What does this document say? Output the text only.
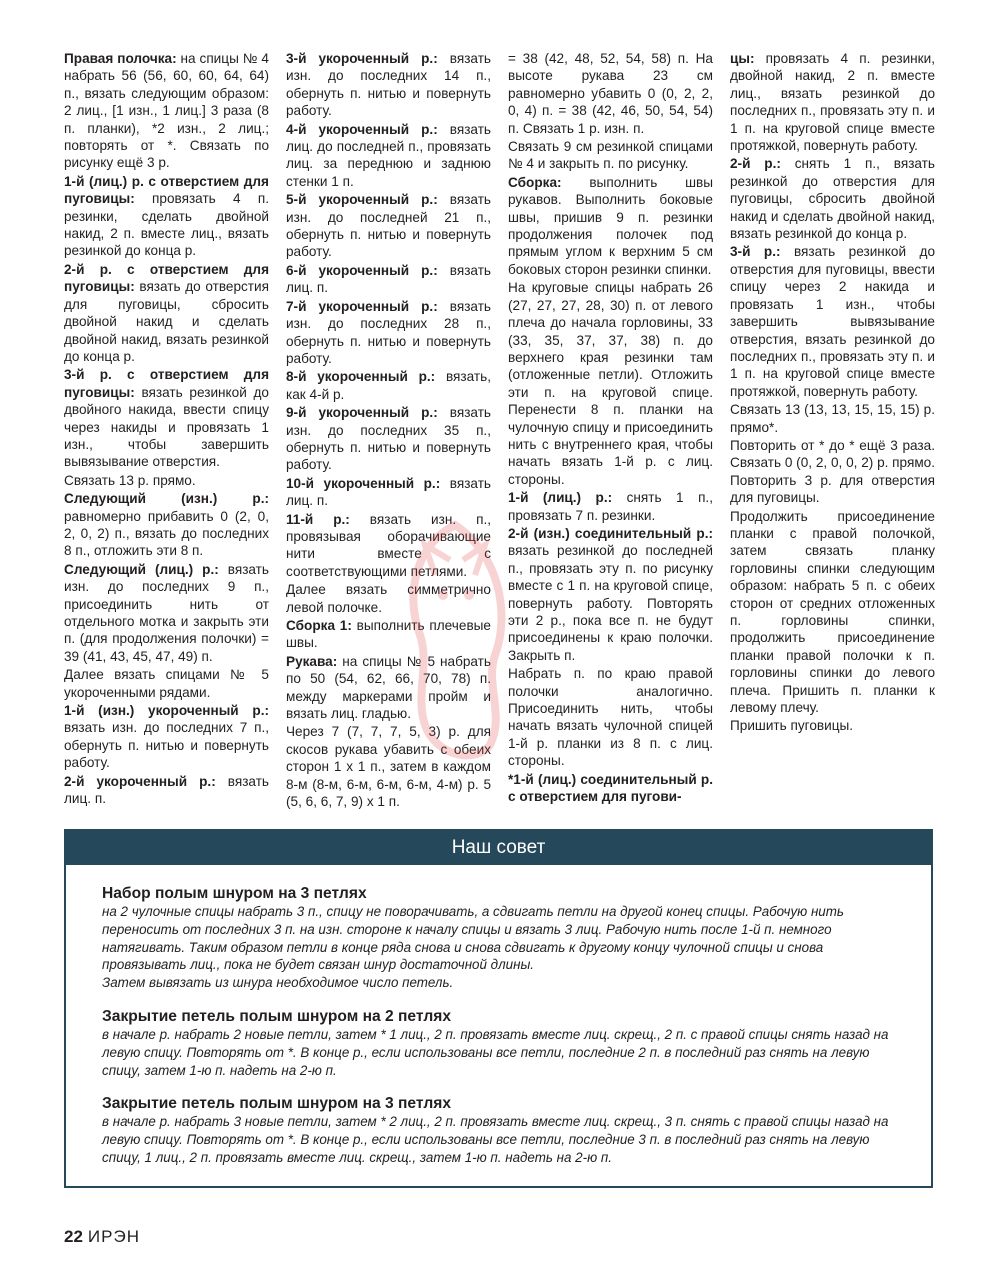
Правая полочка: на спицы № 4 набрать 56 (56, 60, 60, 64, 64) п., вязать следующим образом: 2 лиц., [1 изн., 1 лиц.] 3 раза (8 п. планки), *2 изн., 2 лиц.; повторять от *. Связать по рисунку ещё 3 р.

1-й (лиц.) р. с отверстием для пуговицы: провязать 4 п. резинки, сделать двойной накид, 2 п. вместе лиц., вязать резинкой до конца р.

2-й р. с отверстием для пуговицы: вязать до отверстия для пуговицы, сбросить двойной накид и сделать двойной накид, вязать резинкой до конца р.

3-й р. с отверстием для пуговицы: вязать резинкой до двойного накида, ввести спицу через накиды и провязать 1 изн., чтобы завершить вывязывание отверстия.

Связать 13 р. прямо.

Следующий (изн.) р.: равномерно прибавить 0 (2, 0, 2, 0, 2) п., вязать до последних 8 п., отложить эти 8 п.

Следующий (лиц.) р.: вязать изн. до последних 9 п., присоединить нить от отдельного мотка и закрыть эти п. (для продолжения полочки) = 39 (41, 43, 45, 47, 49) п.

Далее вязать спицами № 5 укороченными рядами.

1-й (изн.) укороченный р.: вязать изн. до последних 7 п., обернуть п. нитью и повернуть работу.

2-й укороченный р.: вязать лиц. п.

3-й укороченный р.: вязать изн. до последних 14 п., обернуть п. нитью и повернуть работу.

4-й укороченный р.: вязать лиц. до последней п., провязать лиц. за переднюю и заднюю стенки 1 п.

5-й укороченный р.: вязать изн. до последней 21 п., обернуть п. нитью и повернуть работу.

6-й укороченный р.: вязать лиц. п.

7-й укороченный р.: вязать изн. до последних 28 п., обернуть п. нитью и повернуть работу.

8-й укороченный р.: вязать, как 4-й р.

9-й укороченный р.: вязать изн. до последних 35 п., обернуть п. нитью и повернуть работу.

10-й укороченный р.: вязать лиц. п.

11-й р.: вязать изн. п., провязывая оборачивающие нити вместе с соответствующими петлями.

Далее вязать симметрично левой полочке.

Сборка 1: выполнить плечевые швы.

Рукава: на спицы № 5 набрать по 50 (54, 62, 66, 70, 78) п. между маркерами пройм и вязать лиц. гладью.

Через 7 (7, 7, 7, 5, 3) р. для скосов рукава убавить с обеих сторон 1 х 1 п., затем в каждом 8-м (8-м, 6-м, 6-м, 6-м, 4-м) р. 5 (5, 6, 6, 7, 9) х 1 п.

= 38 (42, 48, 52, 54, 58) п. На высоте рукава 23 см равномерно убавить 0 (0, 2, 2, 0, 4) п. = 38 (42, 46, 50, 54, 54) п. Связать 1 р. изн. п.

Связать 9 см резинкой спицами № 4 и закрыть п. по рисунку.

Сборка: выполнить швы рукавов. Выполнить боковые швы, пришив 9 п. резинки продолжения полочек под прямым углом к верхним 5 см боковых сторон резинки спинки.

На круговые спицы набрать 26 (27, 27, 27, 28, 30) п. от левого плеча до начала горловины, 33 (33, 35, 37, 37, 38) п. до верхнего края резинки там (отложенные петли). Отложить эти п. на круговой спице. Перенести 8 п. планки на чулочную спицу и присоединить нить с внутреннего края, чтобы начать вязать 1-й р. с лиц. стороны.

1-й (лиц.) р.: снять 1 п., провязать 7 п. резинки.

2-й (изн.) соединительный р.: вязать резинкой до последней п., провязать эту п. по рисунку вместе с 1 п. на круговой спице, повернуть работу. Повторять эти 2 р., пока все п. не будут присоединены к краю полочки. Закрыть п.

Набрать п. по краю правой полочки аналогично. Присоединить нить, чтобы начать вязать чулочной спицей 1-й р. планки из 8 п. с лиц. стороны.

*1-й (лиц.) соединительный р. с отверстием для пугови-

цы: провязать 4 п. резинки, двойной накид, 2 п. вместе лиц., вязать резинкой до последних п., провязать эту п. и 1 п. на круговой спице вместе протяжкой, повернуть работу.

2-й р.: снять 1 п., вязать резинкой до отверстия для пуговицы, сбросить двойной накид и сделать двойной накид, вязать резинкой до конца р.

3-й р.: вязать резинкой до отверстия для пуговицы, ввести спицу через 2 накида и провязать 1 изн., чтобы завершить вывязывание отверстия, вязать резинкой до последних п., провязать эту п. и 1 п. на круговой спице вместе протяжкой, повернуть работу.

Связать 13 (13, 13, 15, 15, 15) р. прямо*.

Повторить от * до * ещё 3 раза. Связать 0 (0, 2, 0, 0, 2) р. прямо. Повторить 3 р. для отверстия для пуговицы.

Продолжить присоединение планки с правой полочкой, затем связать планку горловины спинки следующим образом: набрать 5 п. с обеих сторон от средних отложенных п. горловины спинки, продолжить присоединение планки правой полочки к п. горловины спинки до левого плеча. Пришить п. планки к левому плечу.

Пришить пуговицы.

Наш совет

Набор полым шнуром на 3 петлях

на 2 чулочные спицы набрать 3 п., спицу не поворачивать, а сдвигать петли на другой конец спицы. Рабочую нить переносить от последних 3 п. на изн. стороне к началу спицы и вязать 3 лиц. Рабочую нить после 1-й п. немного натягивать. Таким образом петли в конце ряда снова и снова сдвигать к другому концу чулочной спицы и снова провязывать лиц., пока не будет связан шнур достаточной длины.

Затем вывязать из шнура необходимое число петель.

Закрытие петель полым шнуром на 2 петлях

в начале р. набрать 2 новые петли, затем * 1 лиц., 2 п. провязать вместе лиц. скрещ., 2 п. с правой спицы снять назад на левую спицу. Повторять от *. В конце р., если использованы все петли, последние 2 п. в последний раз снять на левую спицу, затем 1-ю п. надеть на 2-ю п.

Закрытие петель полым шнуром на 3 петлях

в начале р. набрать 3 новые петли, затем * 2 лиц., 2 п. провязать вместе лиц. скрещ., 3 п. снять с правой спицы назад на левую спицу. Повторять от *. В конце р., если использованы все петли, последние 3 п. в последний раз снять на левую спицу, 1 лиц., 2 п. провязать вместе лиц. скрещ., затем 1-ю п. надеть на 2-ю п.

22 ИРЭН
